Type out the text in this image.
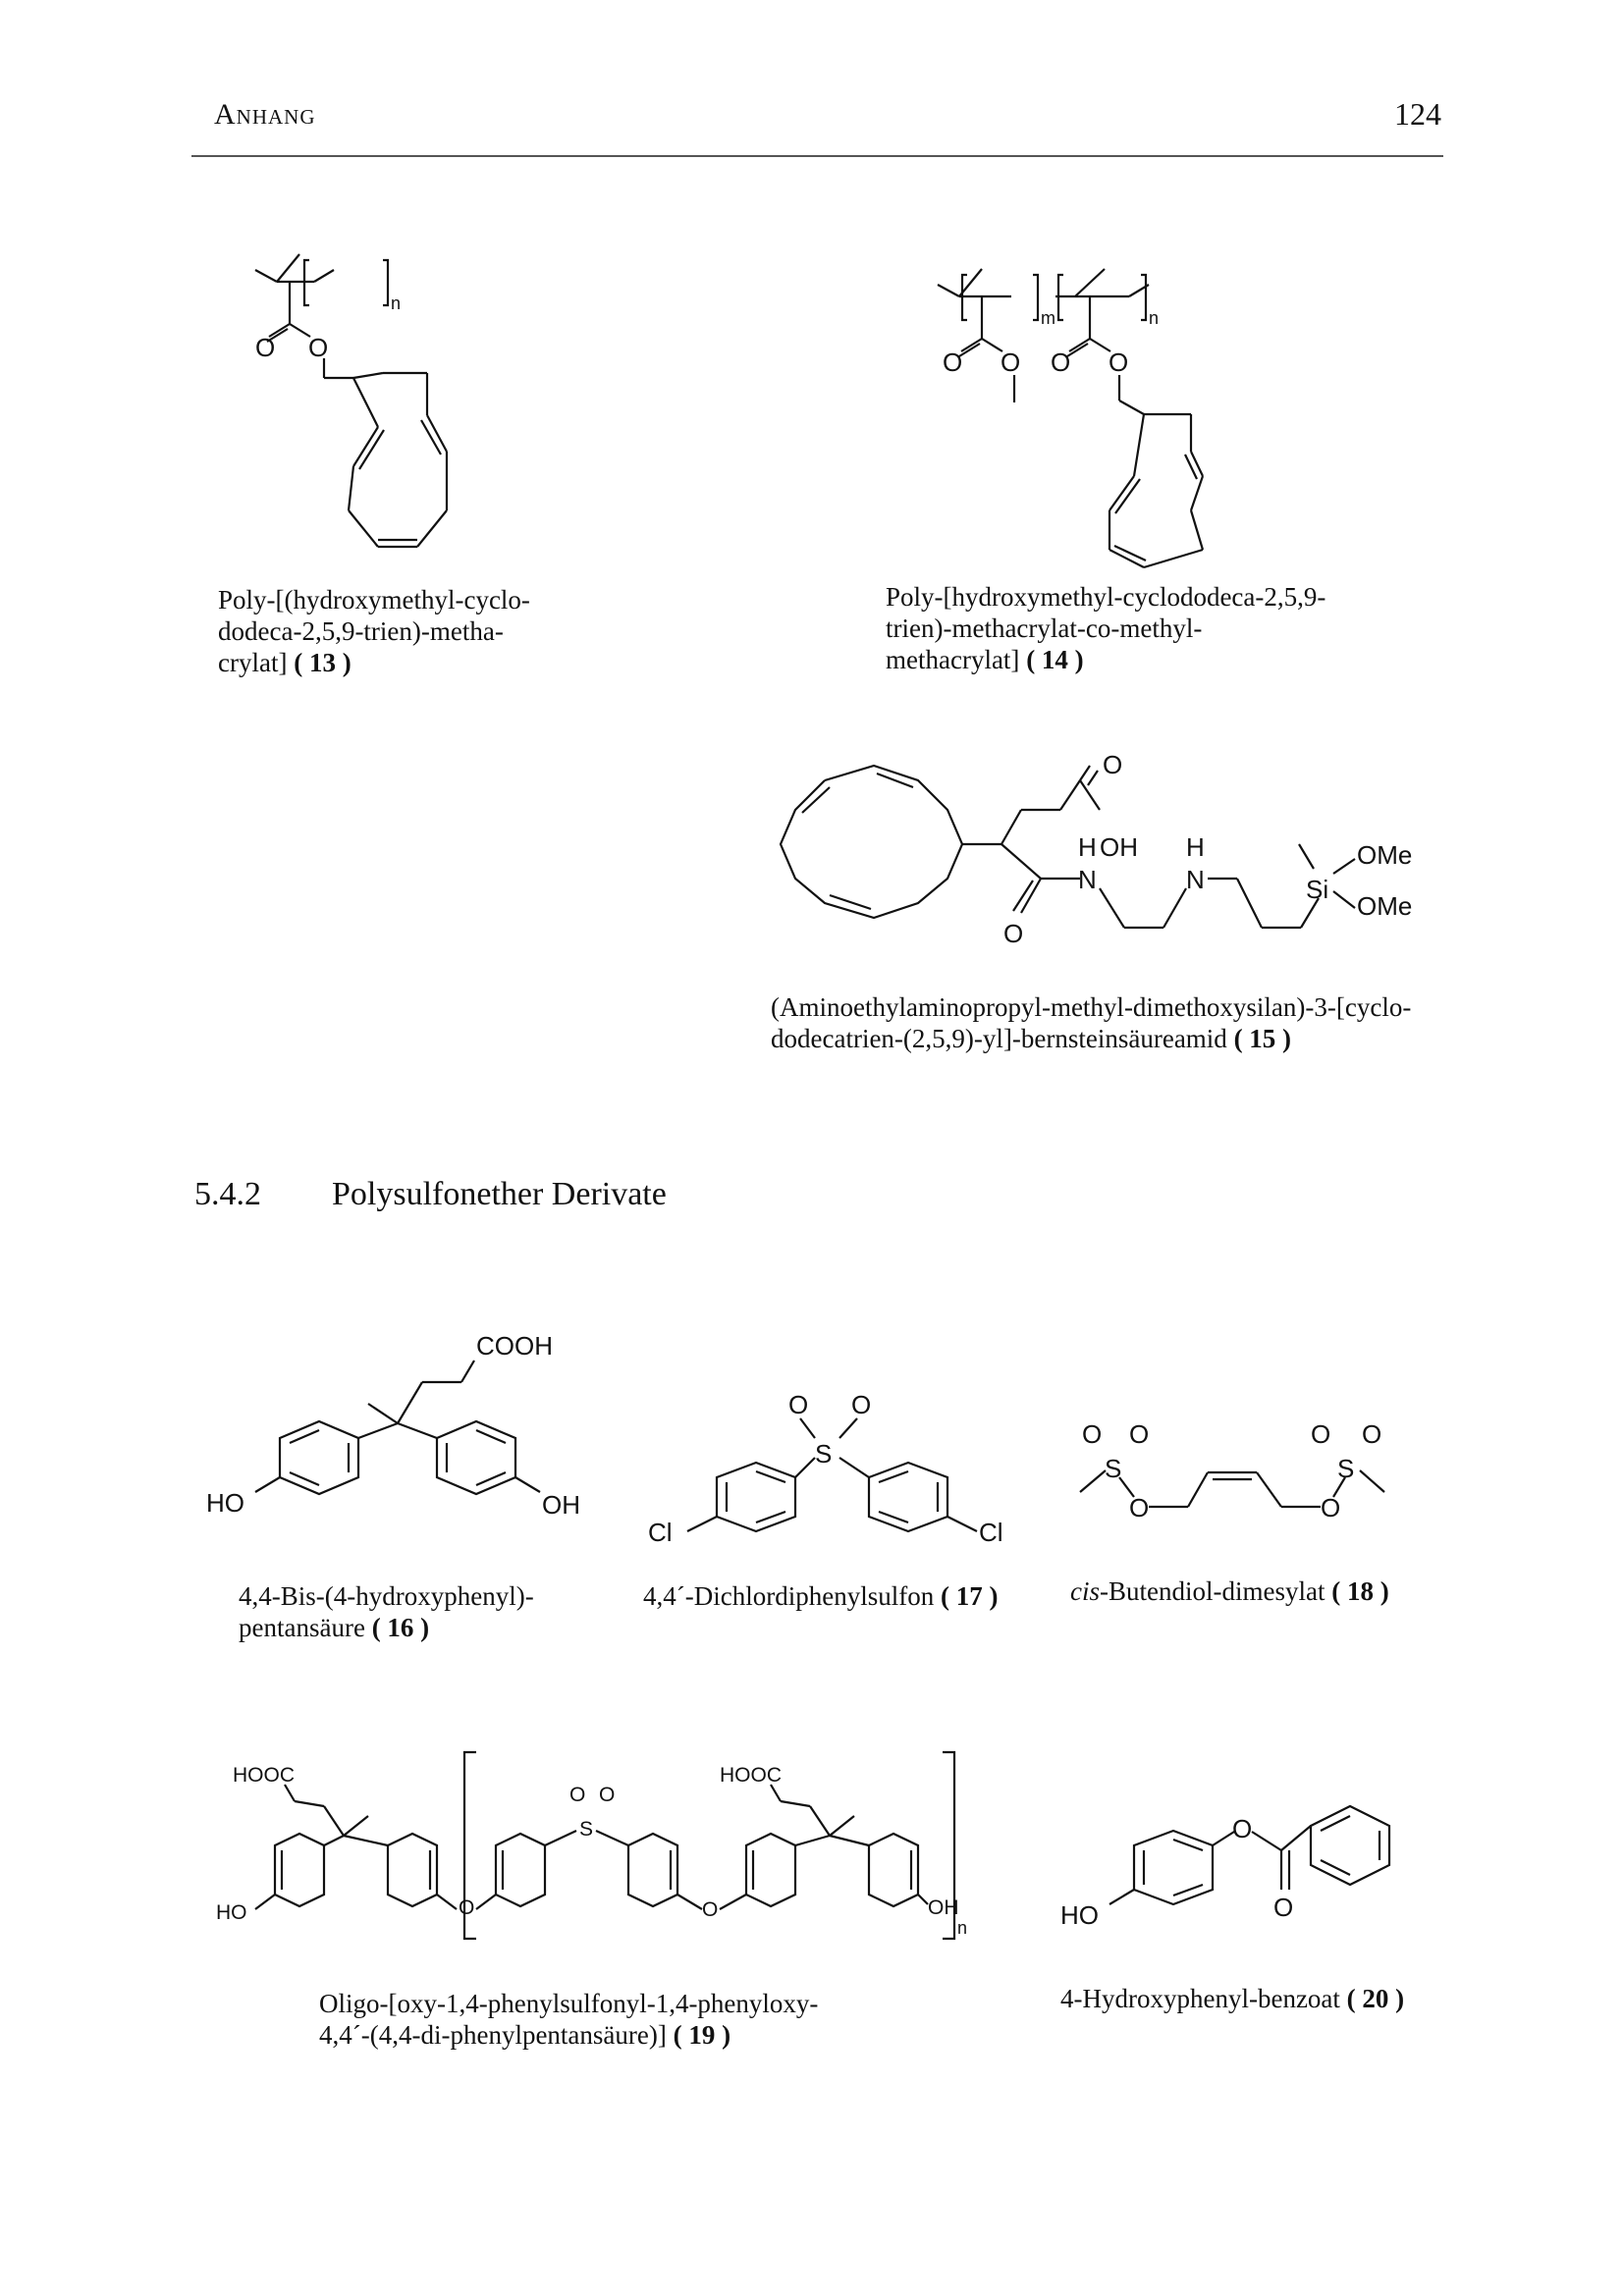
Anhang	124
n
O O
Poly-[(hydroxymethyl-cyclo-
dodeca-2,5,9-trien)-metha-
crylat] ( 13 )
m	n
O O O O
Poly-[hydroxymethyl-cyclododeca-2,5,9-
trien)-methacrylat-co-methyl-
methacrylat] ( 14 )
O
OH
O
N
H
N
H
Si
OMe
OMe
(Aminoethylaminopropyl-methyl-dimethoxysilan)-3-[cyclo-
dodecatrien-(2,5,9)-yl]-bernsteinsäureamid ( 15 )
5.4.2 Polysulfonether Derivate
COOH
HO	OH
4,4-Bis-(4-hydroxyphenyl)-
pentansäure ( 16 )
O O
S
Cl	Cl
4,4´-Dichlordiphenylsulfon ( 17 )
O O
S
O	O
S
O O
cis-Butendiol-dimesylat ( 18 )
HOOC
HO	O
O O
S
O
HOOC
OH
n
Oligo-[oxy-1,4-phenylsulfonyl-1,4-phenyloxy-
4,4´-(4,4-di-phenylpentansäure)] ( 19 )
O
O
HO
4-Hydroxyphenyl-benzoat ( 20 )
